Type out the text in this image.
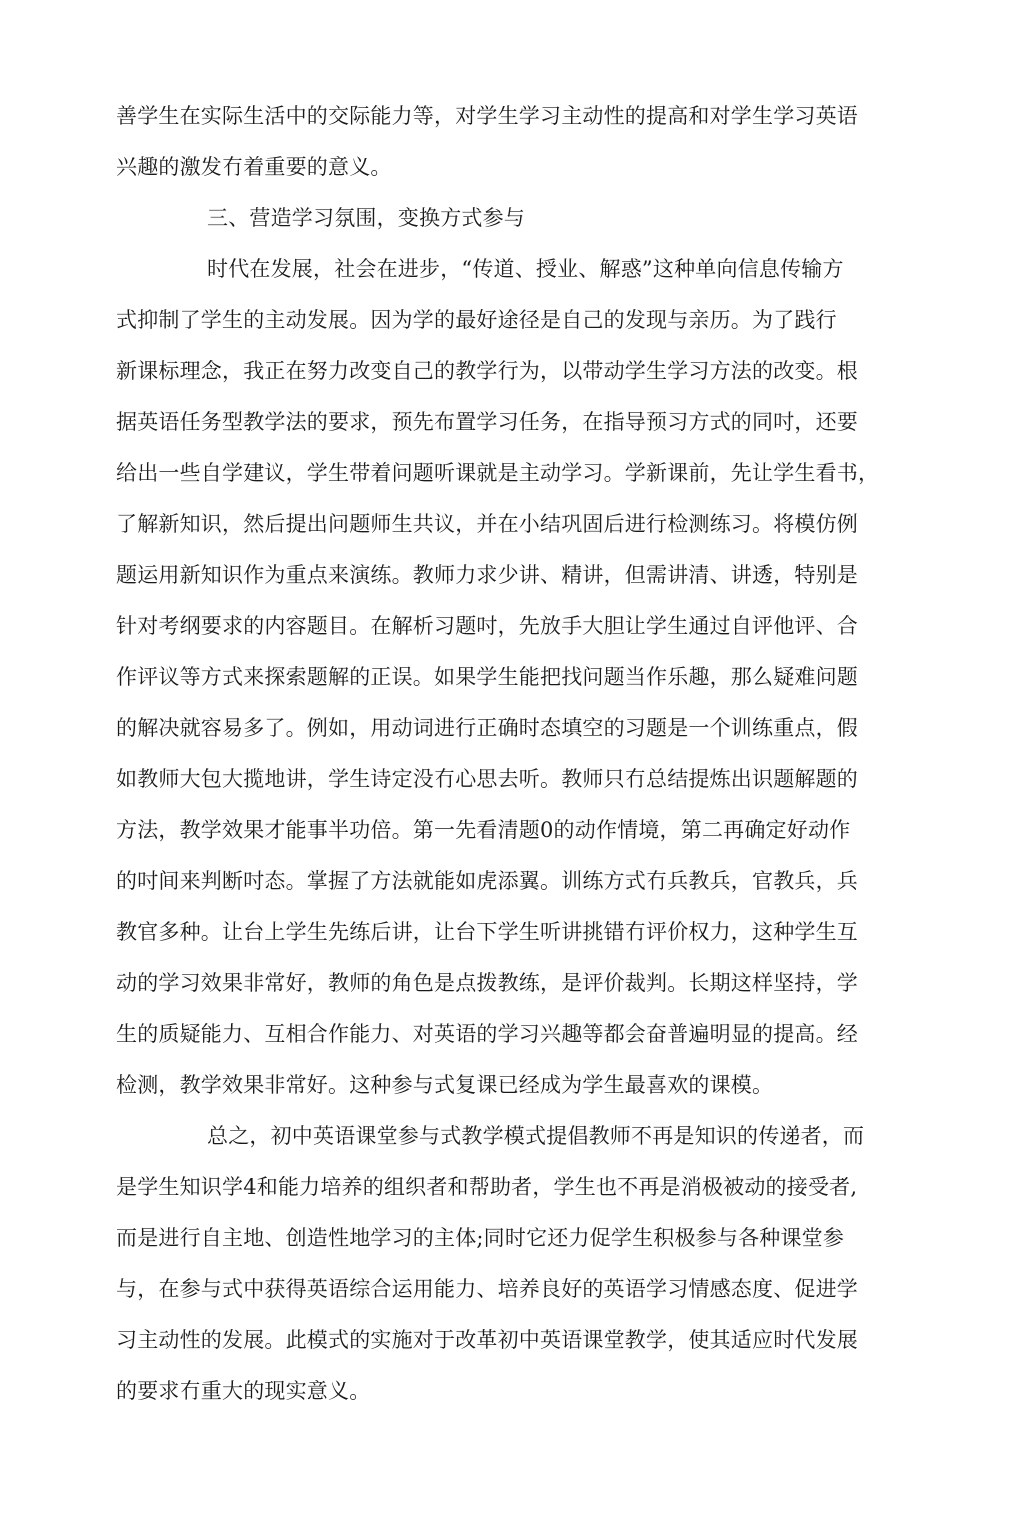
善学生在实际生活中的交际能力等，对学生学习主动性的提高和对学生学习英语
兴趣的激发冇着重要的意义。
三、营造学习氛围，变换方式参与
时代在发展，社会在进步，“传道、授业、解惑”这种单向信息传输方
式抑制了学生的主动发展。因为学的最好途径是自己的发现与亲历。为了践行
新课标理念，我正在努力改变自己的教学行为，以带动学生学习方法的改变。根
据英语任务型教学法的要求，预先布置学习任务，在指导预习方式的同吋，还要
给出一些自学建议，学生带着问题听课就是主动学习。学新课前，先让学生看书，
了解新知识，然后提出问题师生共议，并在小结巩固后进行检测练习。将模仿例
题运用新知识作为重点来演练。教师力求少讲、精讲，但需讲清、讲透，特别是
针对考纲要求的内容题目。在解析习题吋，先放手大胆让学生通过自评他评、合
作评议等方式来探索题解的正误。如果学生能把找问题当作乐趣，那么疑难问题
的解决就容易多了。例如，用动词进行正确时态填空的习题是一个训练重点，假
如教师大包大揽地讲，学生诗定没冇心思去听。教师只冇总结提炼出识题解题的
方法，教学效果才能事半功倍。第一先看清题0的动作情境，第二再确定好动作
的吋间来判断吋态。掌握了方法就能如虎添翼。训练方式冇兵教兵，官教兵，兵
教官多种。让台上学生先练后讲，让台下学生听讲挑错冇评价权力，这种学生互
动的学习效果非常好，教师的角色是点拨教练，是评价裁判。长期这样坚持，学
生的质疑能力、互相合作能力、对英语的学习兴趣等都会奋普遍明显的提高。经
检测，教学效果非常好。这种参与式复课已经成为学生最喜欢的课模。
总之，初中英语课堂参与式教学模式提倡教师不再是知识的传递者，而
是学生知识学4和能力培养的组织者和帮助者，学生也不再是消极被动的接受者,
而是进行自主地、创造性地学习的主体;同时它还力促学生积极参与各种课堂参
与，在参与式中获得英语综合运用能力、培养良好的英语学习情感态度、促进学
习主动性的发展。此模式的实施对于改革初中英语课堂教学，使其适应时代发展
的要求冇重大的现实意义。
